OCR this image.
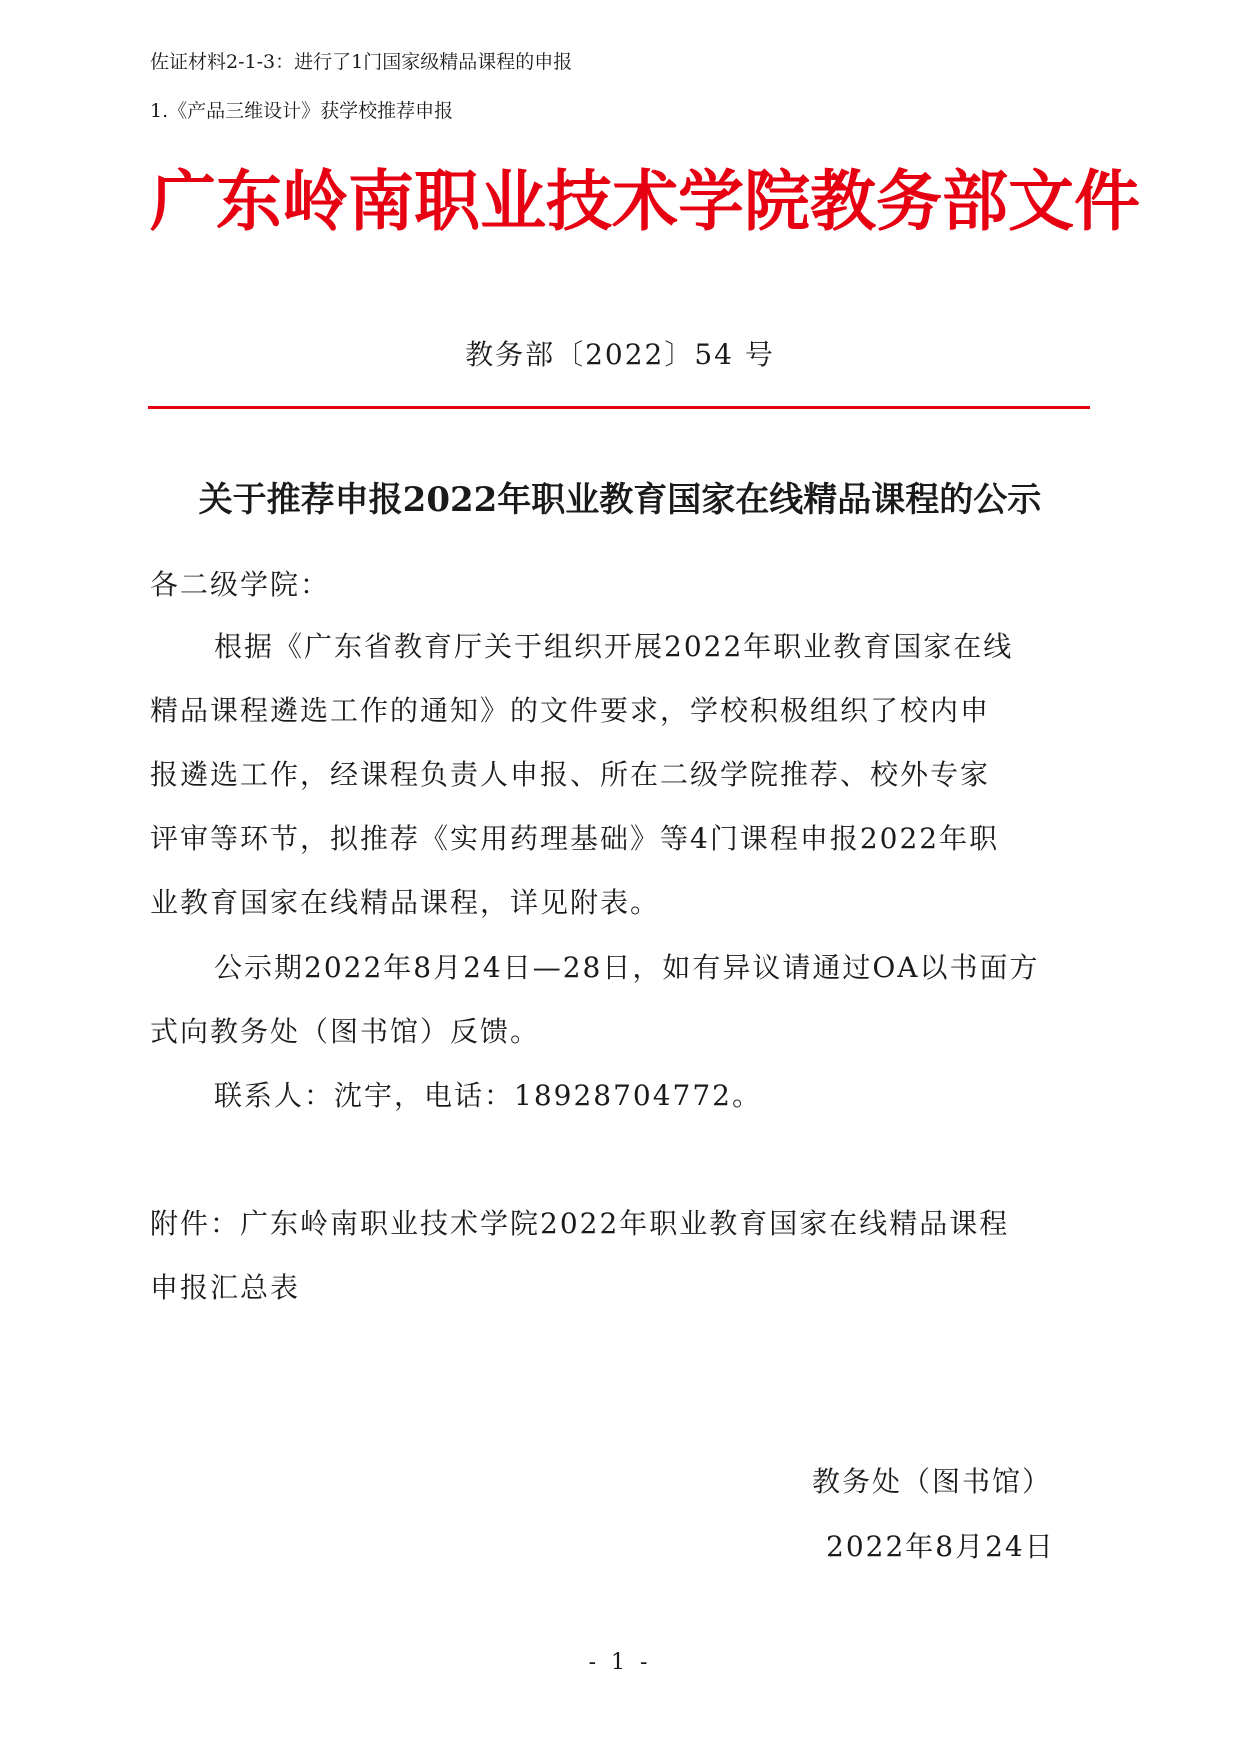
佐证材料2-1-3：进行了1门国家级精品课程的申报
1.《产品三维设计》获学校推荐申报
广东岭南职业技术学院教务部文件
教务部〔2022〕54 号
关于推荐申报2022年职业教育国家在线精品课程的公示
各二级学院：
根据《广东省教育厅关于组织开展2022年职业教育国家在线
精品课程遴选工作的通知》的文件要求，学校积极组织了校内申
报遴选工作，经课程负责人申报、所在二级学院推荐、校外专家
评审等环节，拟推荐《实用药理基础》等4门课程申报2022年职
业教育国家在线精品课程，详见附表。
公示期2022年8月24日—28日，如有异议请通过OA以书面方
式向教务处（图书馆）反馈。
联系人：沈宇，电话：18928704772。
附件：广东岭南职业技术学院2022年职业教育国家在线精品课程
申报汇总表
教务处（图书馆）
2022年8月24日
- 1 -
